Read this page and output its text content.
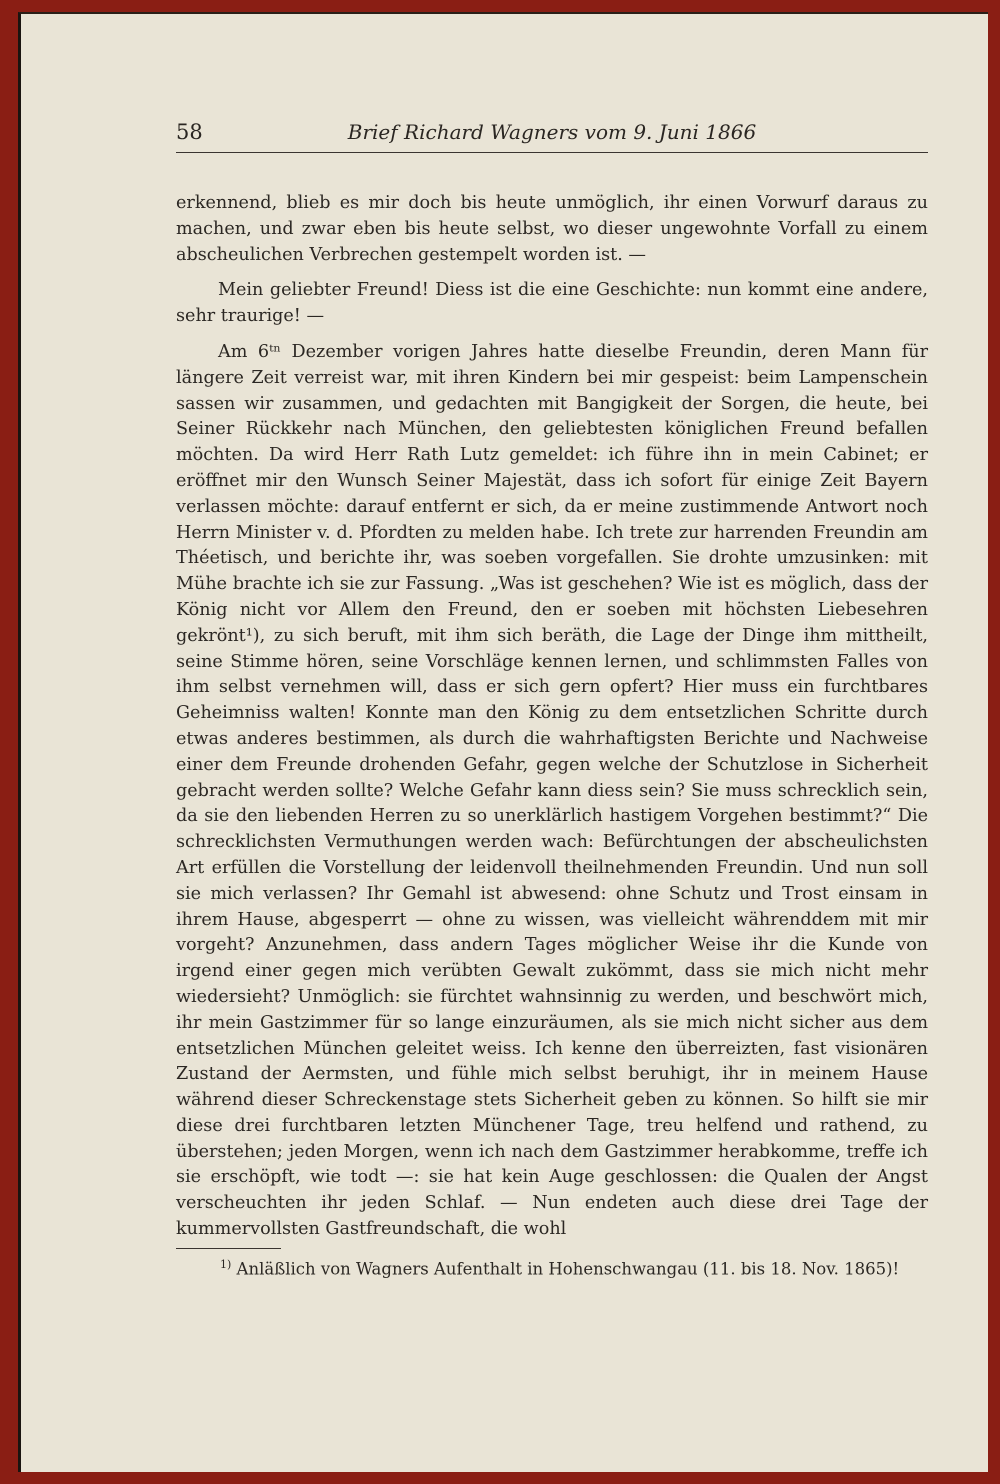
58	Brief Richard Wagners vom 9. Juni 1866

erkennend, blieb es mir doch bis heute unmöglich, ihr einen Vorwurf daraus zu machen, und zwar eben bis heute selbst, wo dieser ungewohnte Vorfall zu einem abscheulichen Verbrechen gestempelt worden ist. —

Mein geliebter Freund! Diess ist die eine Geschichte: nun kommt eine andere, sehr traurige! —

Am 6ᵗⁿ Dezember vorigen Jahres hatte dieselbe Freundin, deren Mann für längere Zeit verreist war, mit ihren Kindern bei mir gespeist: beim Lampenschein sassen wir zusammen, und gedachten mit Bangigkeit der Sorgen, die heute, bei Seiner Rückkehr nach München, den geliebtesten königlichen Freund befallen möchten. Da wird Herr Rath Lutz gemeldet: ich führe ihn in mein Cabinet; er eröffnet mir den Wunsch Seiner Majestät, dass ich sofort für einige Zeit Bayern verlassen möchte: darauf entfernt er sich, da er meine zustimmende Antwort noch Herrn Minister v. d. Pfordten zu melden habe. Ich trete zur harrenden Freundin am Théetisch, und berichte ihr, was soeben vorgefallen. Sie drohte umzusinken: mit Mühe brachte ich sie zur Fassung. „Was ist geschehen? Wie ist es möglich, dass der König nicht vor Allem den Freund, den er soeben mit höchsten Liebesehren gekrönt¹), zu sich beruft, mit ihm sich beräth, die Lage der Dinge ihm mittheilt, seine Stimme hören, seine Vorschläge kennen lernen, und schlimmsten Falles von ihm selbst vernehmen will, dass er sich gern opfert? Hier muss ein furchtbares Geheimniss walten! Konnte man den König zu dem entsetzlichen Schritte durch etwas anderes bestimmen, als durch die wahrhaftigsten Berichte und Nachweise einer dem Freunde drohenden Gefahr, gegen welche der Schutzlose in Sicherheit gebracht werden sollte? Welche Gefahr kann diess sein? Sie muss schrecklich sein, da sie den liebenden Herren zu so unerklärlich hastigem Vorgehen bestimmt?“ Die schrecklichsten Vermuthungen werden wach: Befürchtungen der abscheulichsten Art erfüllen die Vorstellung der leidenvoll theilnehmenden Freundin. Und nun soll sie mich verlassen? Ihr Gemahl ist abwesend: ohne Schutz und Trost einsam in ihrem Hause, abgesperrt — ohne zu wissen, was vielleicht währenddem mit mir vorgeht? Anzunehmen, dass andern Tages möglicher Weise ihr die Kunde von irgend einer gegen mich verübten Gewalt zukömmt, dass sie mich nicht mehr wiedersieht? Unmöglich: sie fürchtet wahnsinnig zu werden, und beschwört mich, ihr mein Gastzimmer für so lange einzuräumen, als sie mich nicht sicher aus dem entsetzlichen München geleitet weiss. Ich kenne den überreizten, fast visionären Zustand der Aermsten, und fühle mich selbst beruhigt, ihr in meinem Hause während dieser Schreckenstage stets Sicherheit geben zu können. So hilft sie mir diese drei furchtbaren letzten Münchener Tage, treu helfend und rathend, zu überstehen; jeden Morgen, wenn ich nach dem Gastzimmer herabkomme, treffe ich sie erschöpft, wie todt —: sie hat kein Auge geschlossen: die Qualen der Angst verscheuchten ihr jeden Schlaf. — Nun endeten auch diese drei Tage der kummervollsten Gastfreundschaft, die wohl

$^{1)}$ Anläßlich von Wagners Aufenthalt in Hohenschwangau (11. bis 18. Nov. 1865)!
